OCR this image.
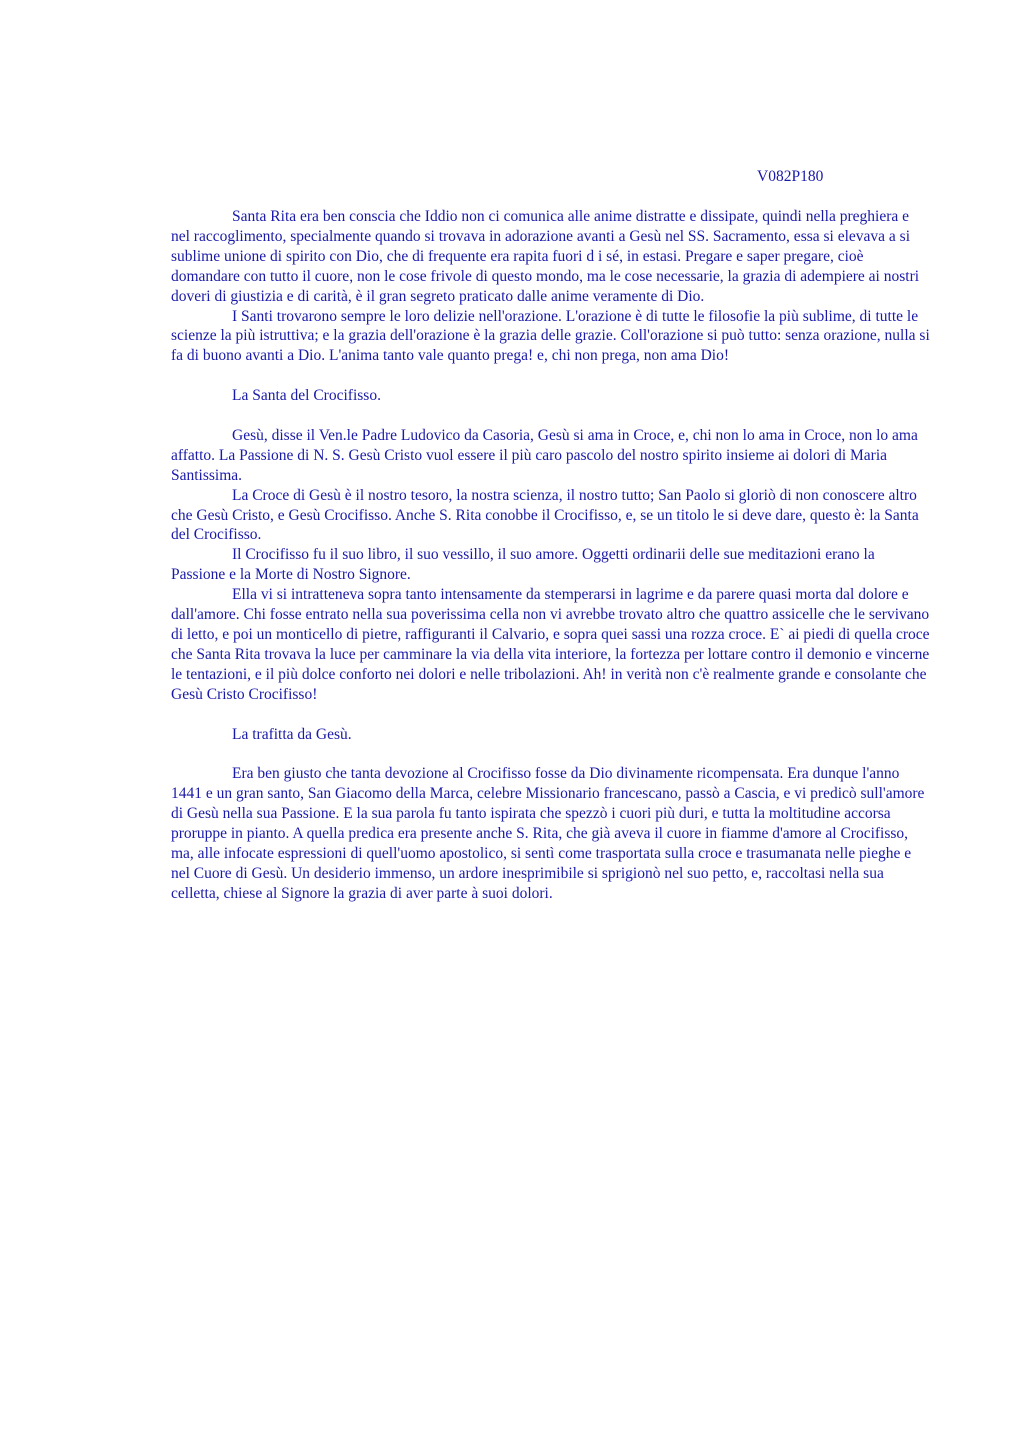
V082P180

Santa Rita era ben conscia che Iddio non ci comunica alle anime distratte e dissipate, quindi nella preghiera e nel raccoglimento, specialmente quando si trovava in adorazione avanti a Gesù nel SS. Sacramento, essa si elevava a si sublime unione di spirito con Dio, che di frequente era rapita fuori d i sé, in estasi. Pregare e saper pregare, cioè domandare con tutto il cuore, non le cose frivole di questo mondo, ma le cose necessarie, la grazia di adempiere ai nostri doveri di giustizia e di carità, è il gran segreto praticato dalle anime veramente di Dio.

I Santi trovarono sempre le loro delizie nell'orazione. L'orazione è di tutte le filosofie la più sublime, di tutte le scienze la più istruttiva; e la grazia dell'orazione è la grazia delle grazie. Coll'orazione si può tutto: senza orazione, nulla si fa di buono avanti a Dio. L'anima tanto vale quanto prega! e, chi non prega, non ama Dio!

La Santa del Crocifisso.

Gesù, disse il Ven.le Padre Ludovico da Casoria, Gesù si ama in Croce, e, chi non lo ama in Croce, non lo ama affatto. La Passione di N. S. Gesù Cristo vuol essere il più caro pascolo del nostro spirito insieme ai dolori di Maria Santissima.

La Croce di Gesù è il nostro tesoro, la nostra scienza, il nostro tutto; San Paolo si gloriò di non conoscere altro che Gesù Cristo, e Gesù Crocifisso. Anche S. Rita conobbe il Crocifisso, e, se un titolo le si deve dare, questo è: la Santa del Crocifisso.

Il Crocifisso fu il suo libro, il suo vessillo, il suo amore. Oggetti ordinarii delle sue meditazioni erano la Passione e la Morte di Nostro Signore.

Ella vi si intratteneva sopra tanto intensamente da stemperarsi in lagrime e da parere quasi morta dal dolore e dall'amore. Chi fosse entrato nella sua poverissima cella non vi avrebbe trovato altro che quattro assicelle che le servivano di letto, e poi un monticello di pietre, raffiguranti il Calvario, e sopra quei sassi una rozza croce. E` ai piedi di quella croce che Santa Rita trovava la luce per camminare la via della vita interiore, la fortezza per lottare contro il demonio e vincerne le tentazioni, e il più dolce conforto nei dolori e nelle tribolazioni. Ah! in verità non c'è realmente grande e consolante che Gesù Cristo Crocifisso!

La trafitta da Gesù.

Era ben giusto che tanta devozione al Crocifisso fosse da Dio divinamente ricompensata. Era dunque l'anno 1441 e un gran santo, San Giacomo della Marca, celebre Missionario francescano, passò a Cascia, e vi predicò sull'amore di Gesù nella sua Passione. E la sua parola fu tanto ispirata che spezzò i cuori più duri, e tutta la moltitudine accorsa proruppe in pianto. A quella predica era presente anche S. Rita, che già aveva il cuore in fiamme d'amore al Crocifisso, ma, alle infocate espressioni di quell'uomo apostolico, si sentì come trasportata sulla croce e trasumanata nelle pieghe e nel Cuore di Gesù. Un desiderio immenso, un ardore inesprimibile si sprigionò nel suo petto, e, raccoltasi nella sua celletta, chiese al Signore la grazia di aver parte à suoi dolori.
